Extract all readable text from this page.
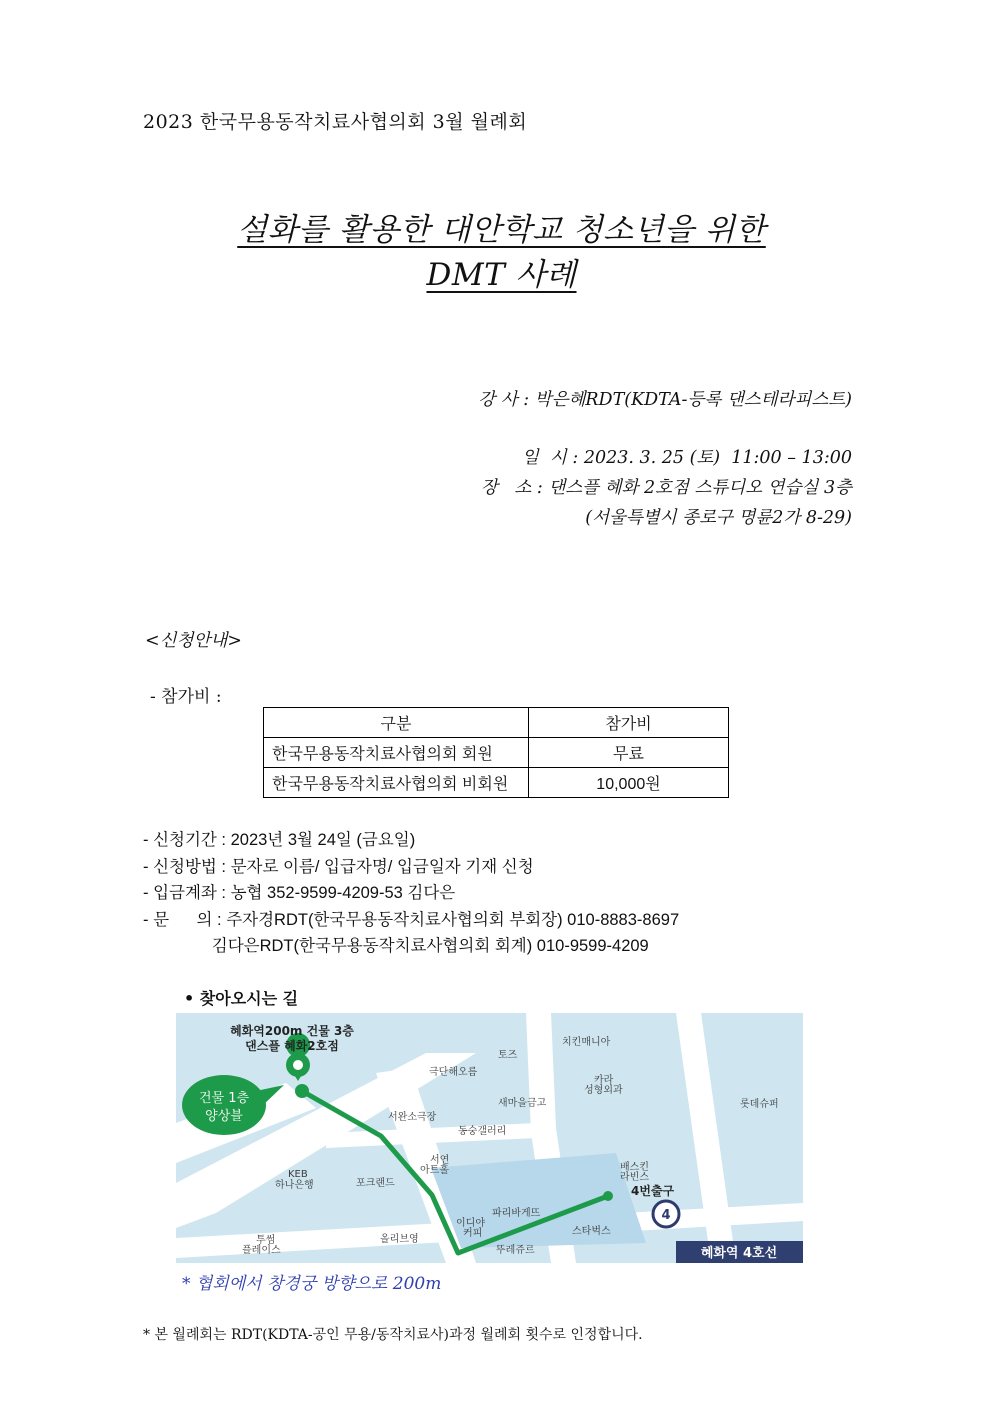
2023 한국무용동작치료사협의회 3월 월례회
설화를 활용한 대안학교 청소년을 위한
DMT 사례
강 사 : 박은혜RDT(KDTA-등록 댄스테라피스트)
일  시 : 2023. 3. 25 (토)  11:00 – 13:00
장   소 : 댄스플 혜화 2호점 스튜디오 연습실 3층
(서울특별시 종로구 명륜2가 8-29)
<신청안내>
- 참가비 :
구분	참가비
한국무용동작치료사협의회 회원	무료
한국무용동작치료사협의회 비회원	10,000원
- 신청기간 : 2023년 3월 24일 (금요일)
- 신청방법 : 문자로 이름/ 입급자명/ 입금일자 기재 신청
- 입금계좌 : 농협 352-9599-4209-53 김다은
- 문      의 : 주자경RDT(한국무용동작치료사협의회 부회장) 010-8883-8697
김다은RDT(한국무용동작치료사협의회 회계) 010-9599-4209
• 찾아오시는 길
혜화역 4호선
건물 1층
양상블
혜화역200m 건물 3층
댄스플 혜화2호점
토즈
치킨매니아
극단해오름
새마을금고
카라
성형외과
롯데슈퍼
서완소극장
동숭갤러리
서연
아트홀	배스킨
라빈스
KEB
하나은행	포크랜드
파리바게뜨
이디야
커피	스타벅스
투썸
플레이스
올리브영
뚜레쥬르
4번출구
4
* 협회에서 창경궁 방향으로 200m
* 본 월례회는 RDT(KDTA-공인 무용/동작치료사)과정 월례회 횟수로 인정합니다.
